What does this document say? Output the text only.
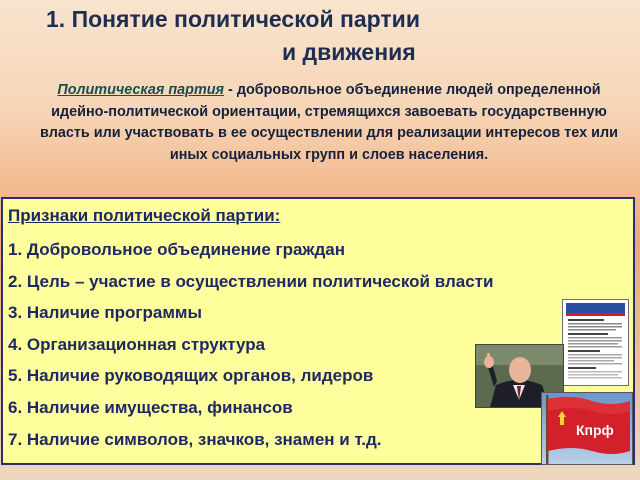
1. Понятие политической партии
и движения
Политическая партия - добровольное объединение людей определенной идейно-политической ориентации, стремящихся завоевать государственную власть или участвовать в ее осуществлении для реализации интересов тех или иных социальных групп и слоев населения.
Признаки политической партии:
1. Добровольное объединение граждан
2. Цель – участие в осуществлении политической власти
3. Наличие программы
4. Организационная структура
5. Наличие руководящих органов, лидеров
6. Наличие имущества, финансов
7. Наличие символов, значков, знамен и т.д.	Кпрф
